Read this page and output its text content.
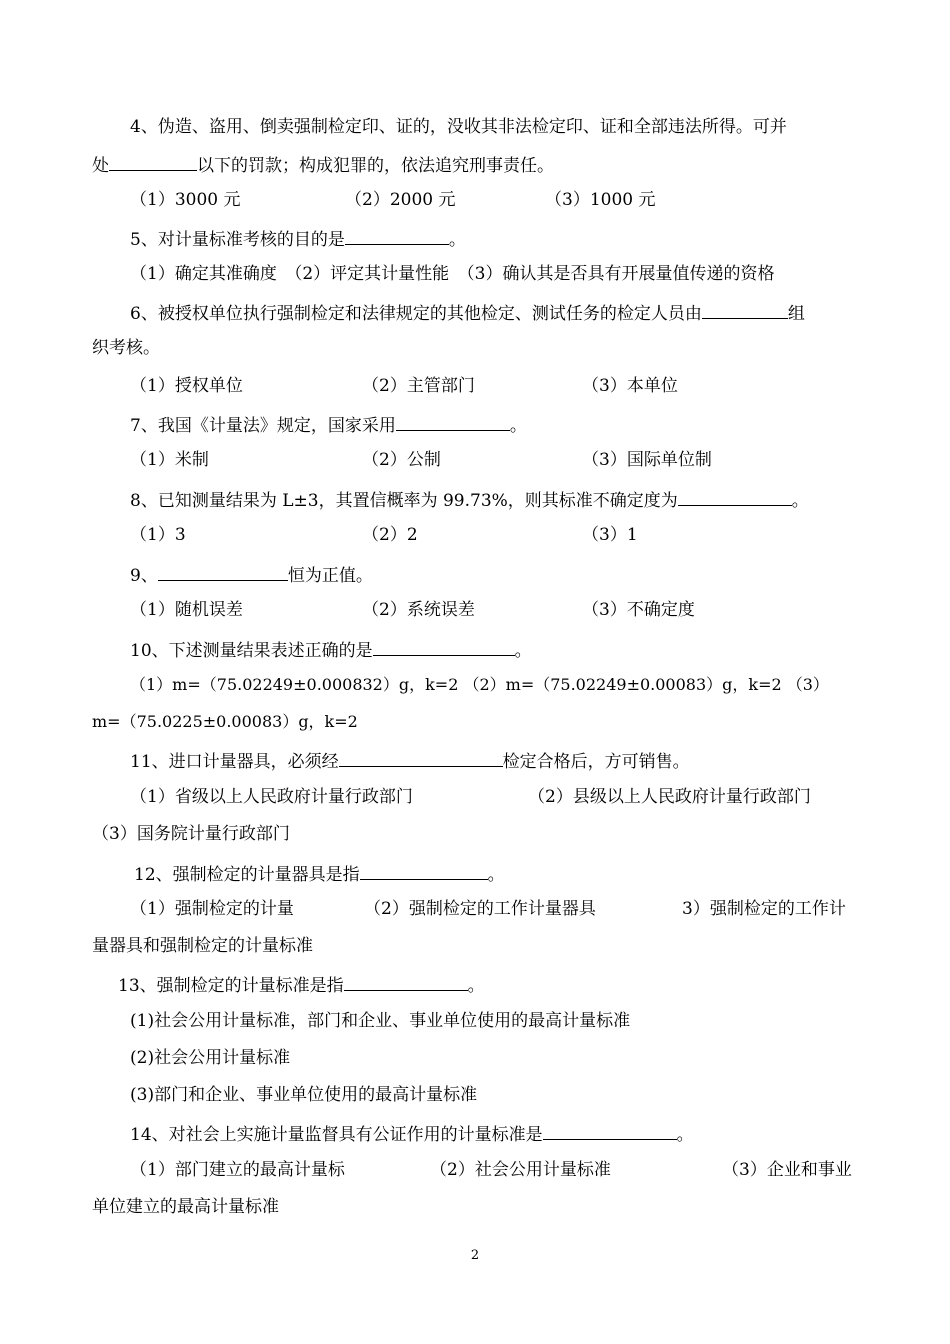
4、伪造、盗用、倒卖强制检定印、证的，没收其非法检定印、证和全部违法所得。可并
处	以下的罚款；构成犯罪的，依法追究刑事责任。
（1）3000 元	（2）2000 元	（3）1000 元
5、对计量标准考核的目的是	。
（1）确定其准确度　（2）评定其计量性能　（3）确认其是否具有开展量值传递的资格
6、被授权单位执行强制检定和法律规定的其他检定、测试任务的检定人员由	组
织考核。
（1）授权单位	（2）主管部门	（3）本单位
7、我国《计量法》规定，国家采用	。
（1）米制	（2）公制	（3）国际单位制
8、已知测量结果为 L±3，其置信概率为 99.73%，则其标准不确定度为	。
（1）3	（2）2	（3）1
9、	恒为正值。
（1）随机误差	（2）系统误差	（3）不确定度
10、下述测量结果表述正确的是	。
（1）m=（75.02249±0.000832）g，k=2 （2）m=（75.02249±0.00083）g，k=2 （3）
m=（75.0225±0.00083）g，k=2
11、进口计量器具，必须经	检定合格后，方可销售。
（1）省级以上人民政府计量行政部门	（2）县级以上人民政府计量行政部门
（3）国务院计量行政部门
12、强制检定的计量器具是指	。
（1）强制检定的计量	（2）强制检定的工作计量器具	3）强制检定的工作计
量器具和强制检定的计量标准
13、强制检定的计量标准是指	。
(1)社会公用计量标准，部门和企业、事业单位使用的最高计量标准
(2)社会公用计量标准
(3)部门和企业、事业单位使用的最高计量标准
14、对社会上实施计量监督具有公证作用的计量标准是	。
（1）部门建立的最高计量标	（2）社会公用计量标准	（3）企业和事业
单位建立的最高计量标准
2
